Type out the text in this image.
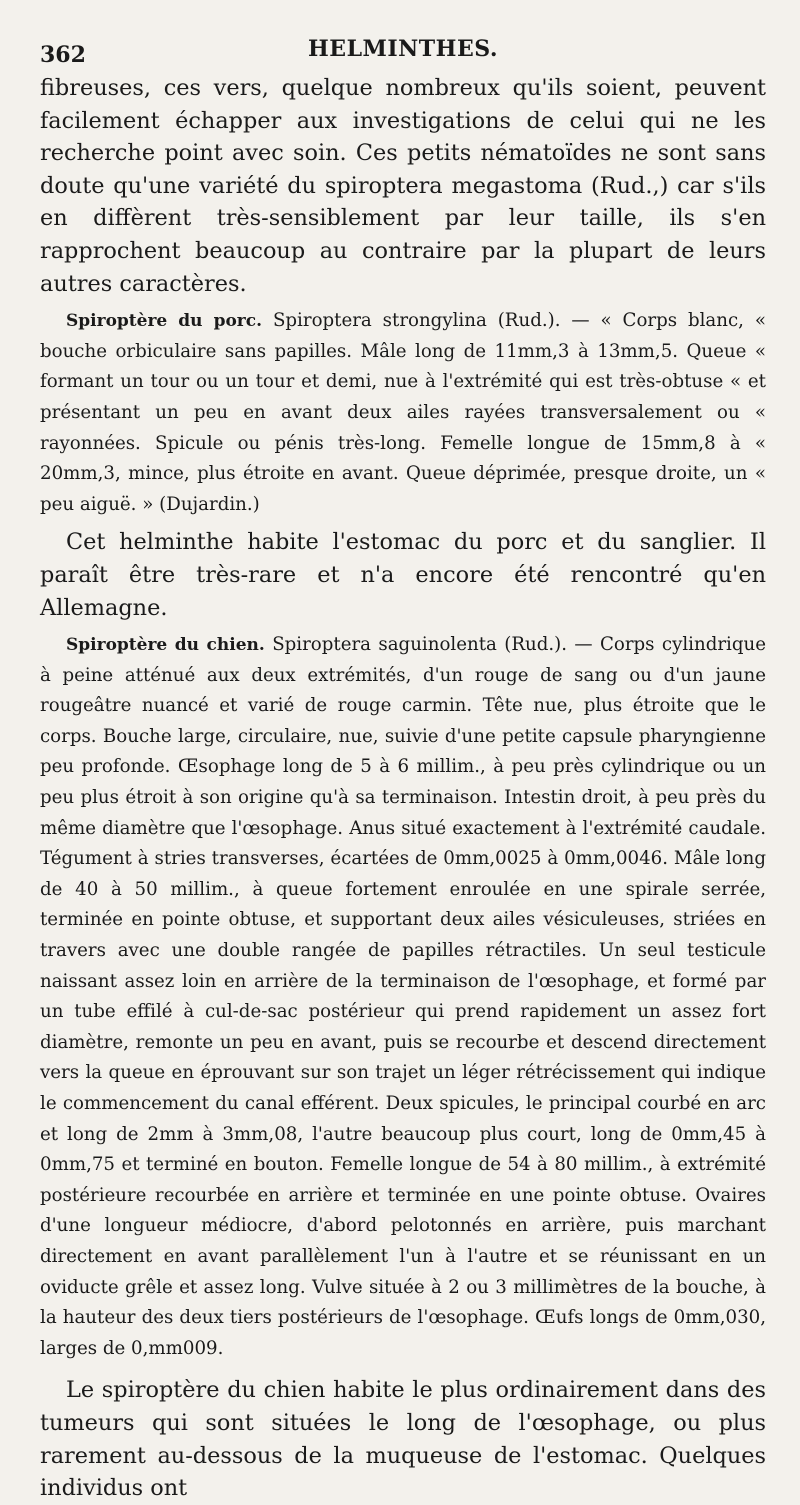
362	HELMINTHES.

fibreuses, ces vers, quelque nombreux qu'ils soient, peuvent facilement échapper aux investigations de celui qui ne les recherche point avec soin. Ces petits nématoïdes ne sont sans doute qu'une variété du spiroptera megastoma (Rud.,) car s'ils en diffèrent très-sensiblement par leur taille, ils s'en rapprochent beaucoup au contraire par la plupart de leurs autres caractères.

Spiroptère du porc. Spiroptera strongylina (Rud.). — « Corps blanc, « bouche orbiculaire sans papilles. Mâle long de 11mm,3 à 13mm,5. Queue « formant un tour ou un tour et demi, nue à l'extrémité qui est très-obtuse « et présentant un peu en avant deux ailes rayées transversalement ou « rayonnées. Spicule ou pénis très-long. Femelle longue de 15mm,8 à « 20mm,3, mince, plus étroite en avant. Queue déprimée, presque droite, un « peu aiguë. » (Dujardin.)

Cet helminthe habite l'estomac du porc et du sanglier. Il paraît être très-rare et n'a encore été rencontré qu'en Allemagne.

Spiroptère du chien. Spiroptera saguinolenta (Rud.). — Corps cylindrique à peine atténué aux deux extrémités, d'un rouge de sang ou d'un jaune rougeâtre nuancé et varié de rouge carmin. Tête nue, plus étroite que le corps. Bouche large, circulaire, nue, suivie d'une petite capsule pharyngienne peu profonde. Œsophage long de 5 à 6 millim., à peu près cylindrique ou un peu plus étroit à son origine qu'à sa terminaison. Intestin droit, à peu près du même diamètre que l'œsophage. Anus situé exactement à l'extrémité caudale. Tégument à stries transverses, écartées de 0mm,0025 à 0mm,0046. Mâle long de 40 à 50 millim., à queue fortement enroulée en une spirale serrée, terminée en pointe obtuse, et supportant deux ailes vésiculeuses, striées en travers avec une double rangée de papilles rétractiles. Un seul testicule naissant assez loin en arrière de la terminaison de l'œsophage, et formé par un tube effilé à cul-de-sac postérieur qui prend rapidement un assez fort diamètre, remonte un peu en avant, puis se recourbe et descend directement vers la queue en éprouvant sur son trajet un léger rétrécissement qui indique le commencement du canal efférent. Deux spicules, le principal courbé en arc et long de 2mm à 3mm,08, l'autre beaucoup plus court, long de 0mm,45 à 0mm,75 et terminé en bouton. Femelle longue de 54 à 80 millim., à extrémité postérieure recourbée en arrière et terminée en une pointe obtuse. Ovaires d'une longueur médiocre, d'abord pelotonnés en arrière, puis marchant directement en avant parallèlement l'un à l'autre et se réunissant en un oviducte grêle et assez long. Vulve située à 2 ou 3 millimètres de la bouche, à la hauteur des deux tiers postérieurs de l'œsophage. Œufs longs de 0mm,030, larges de 0,mm009.

Le spiroptère du chien habite le plus ordinairement dans des tumeurs qui sont situées le long de l'œsophage, ou plus rarement au-dessous de la muqueuse de l'estomac. Quelques individus ont
